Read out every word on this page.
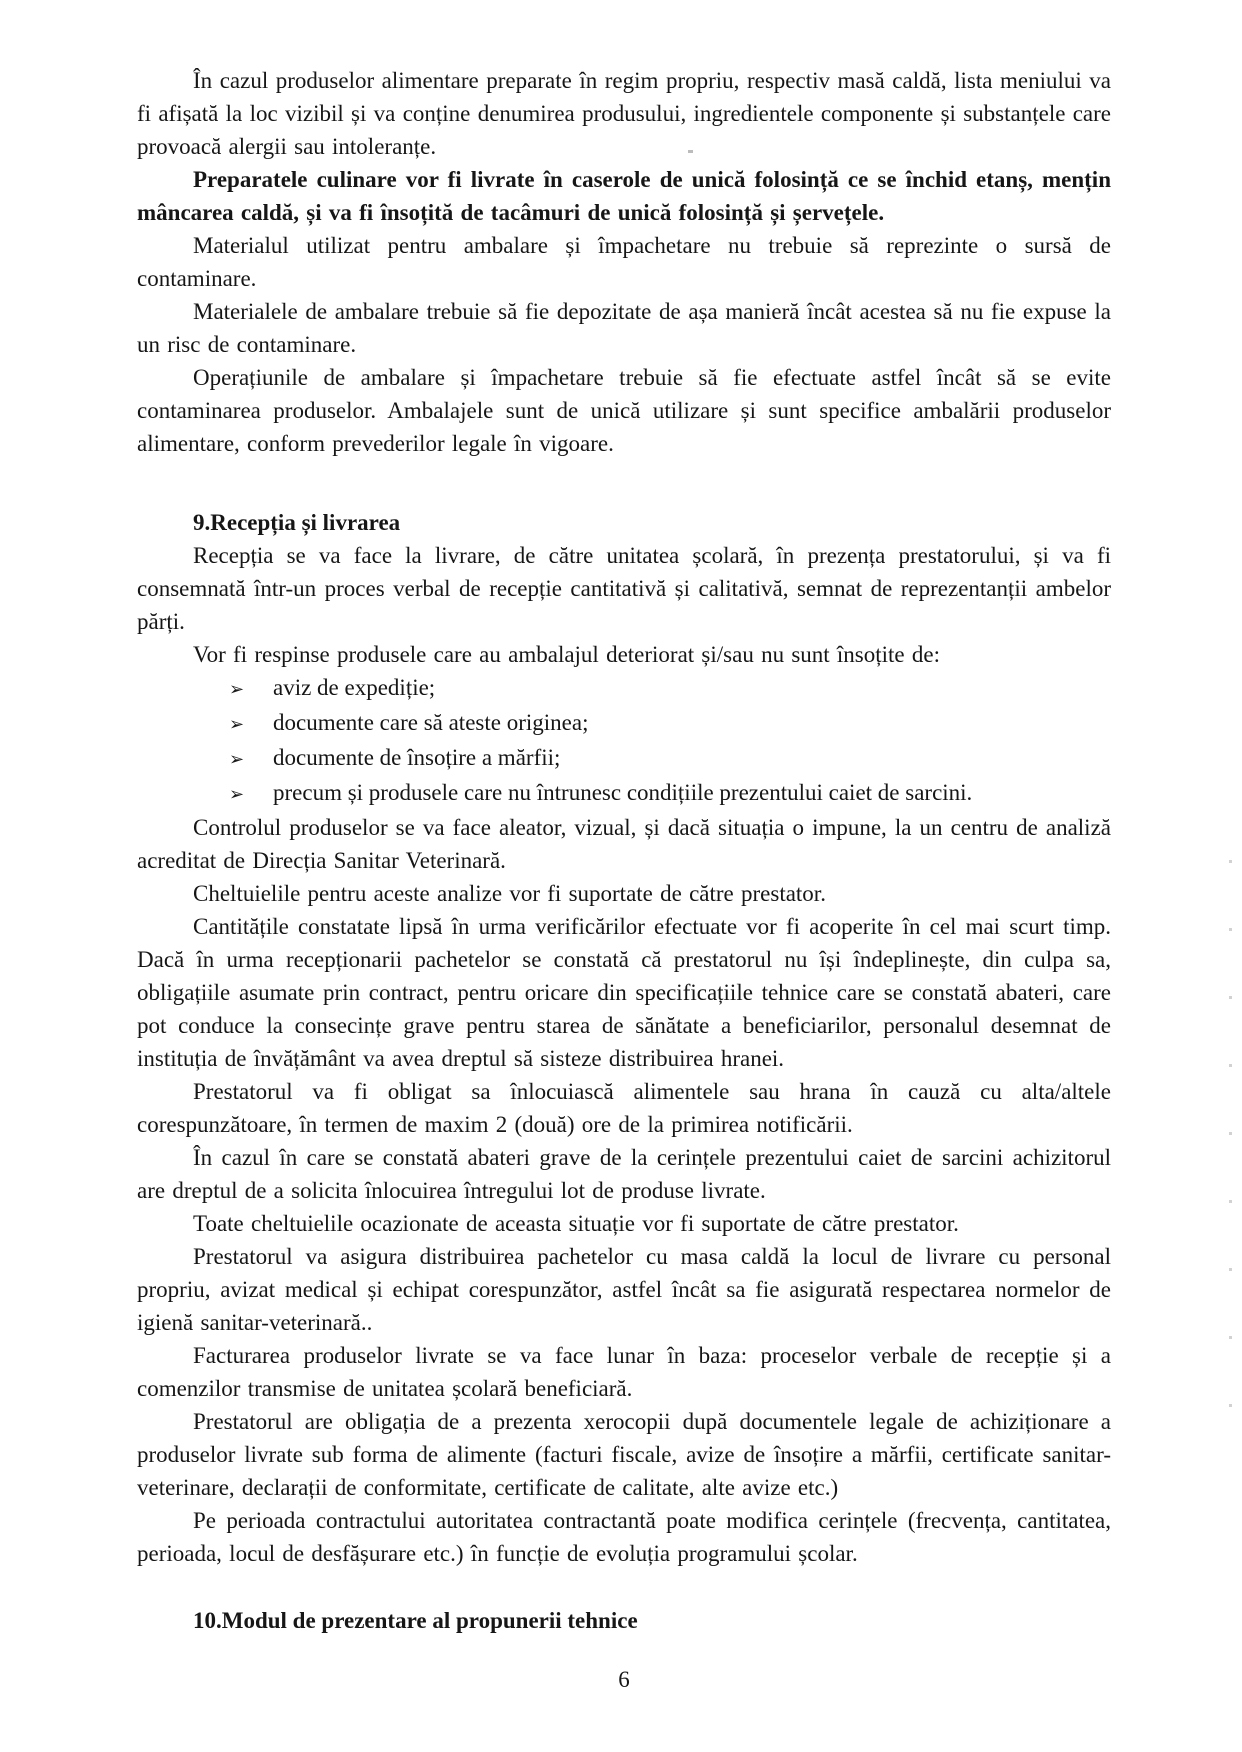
În cazul produselor alimentare preparate în regim propriu, respectiv masă caldă, lista meniului va fi afișată la loc vizibil și va conține denumirea produsului, ingredientele componente și substanțele care provoacă alergii sau intoleranțe.

Preparatele culinare vor fi livrate în caserole de unică folosință ce se închid etanș, mențin mâncarea caldă, și va fi însoțită de tacâmuri de unică folosință și șervețele.

Materialul utilizat pentru ambalare și împachetare nu trebuie să reprezinte o sursă de contaminare.

Materialele de ambalare trebuie să fie depozitate de așa manieră încât acestea să nu fie expuse la un risc de contaminare.

Operațiunile de ambalare și împachetare trebuie să fie efectuate astfel încât să se evite contaminarea produselor. Ambalajele sunt de unică utilizare și sunt specifice ambalării produselor alimentare, conform prevederilor legale în vigoare.

9.Recepția și livrarea

Recepția se va face la livrare, de către unitatea școlară, în prezența prestatorului, și va fi consemnată într-un proces verbal de recepție cantitativă și calitativă, semnat de reprezentanții ambelor părți.

Vor fi respinse produsele care au ambalajul deteriorat și/sau nu sunt însoțite de:

➢	aviz de expediție;
➢	documente care să ateste originea;
➢	documente de însoțire a mărfii;
➢	precum și produsele care nu întrunesc condițiile prezentului caiet de sarcini.

Controlul produselor se va face aleator, vizual, și dacă situația o impune, la un centru de analiză acreditat de Direcția Sanitar Veterinară.

Cheltuielile pentru aceste analize vor fi suportate de către prestator.

Cantitățile constatate lipsă în urma verificărilor efectuate vor fi acoperite în cel mai scurt timp. Dacă în urma recepționarii pachetelor se constată că prestatorul nu își îndeplinește, din culpa sa, obligațiile asumate prin contract, pentru oricare din specificațiile tehnice care se constată abateri, care pot conduce la consecințe grave pentru starea de sănătate a beneficiarilor, personalul desemnat de instituția de învățământ va avea dreptul să sisteze distribuirea hranei.

Prestatorul va fi obligat sa înlocuiască alimentele sau hrana în cauză cu alta/altele corespunzătoare, în termen de maxim 2 (două) ore de la primirea notificării.

În cazul în care se constată abateri grave de la cerințele prezentului caiet de sarcini achizitorul are dreptul de a solicita înlocuirea întregului lot de produse livrate.

Toate cheltuielile ocazionate de aceasta situație vor fi suportate de către prestator.

Prestatorul va asigura distribuirea pachetelor cu masa caldă la locul de livrare cu personal propriu, avizat medical și echipat corespunzător, astfel încât sa fie asigurată respectarea normelor de igienă sanitar-veterinară..

Facturarea produselor livrate se va face lunar în baza: proceselor verbale de recepție și a comenzilor transmise de unitatea școlară beneficiară.

Prestatorul are obligația de a prezenta xerocopii după documentele legale de achiziționare a produselor livrate sub forma de alimente (facturi fiscale, avize de însoțire a mărfii, certificate sanitar-veterinare, declarații de conformitate, certificate de calitate, alte avize etc.)

Pe perioada contractului autoritatea contractantă poate modifica cerințele (frecvența, cantitatea, perioada, locul de desfășurare etc.) în funcție de evoluția programului școlar.

10.Modul de prezentare al propunerii tehnice
6
